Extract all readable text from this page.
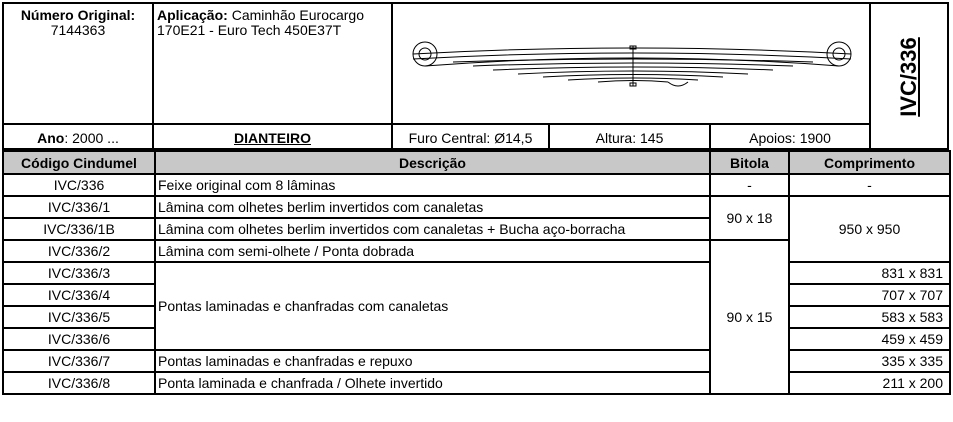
Número Original:
7144363
Aplicação: Caminhão Eurocargo
170E21 - Euro Tech 450E37T
IVC/336
Ano: 2000 ...	DIANTEIRO	Furo Central: Ø14,5	Altura: 145	Apoios: 1900
Código Cindumel	Descrição	Bitola	Comprimento
IVC/336	Feixe original com 8 lâminas	-	-
IVC/336/1	Lâmina com olhetes berlim invertidos com canaletas	90 x 18	950 x 950
IVC/336/1B	Lâmina com olhetes berlim invertidos com canaletas + Bucha aço-borracha		
IVC/336/2	Lâmina com semi-olhete / Ponta dobrada	90 x 15	
IVC/336/3	Pontas laminadas e chanfradas com canaletas		831 x 831
IVC/336/4			707 x 707
IVC/336/5			583 x 583
IVC/336/6			459 x 459
IVC/336/7	Pontas laminadas e chanfradas e repuxo		335 x 335
IVC/336/8	Ponta laminada e chanfrada / Olhete invertido		211 x 200
